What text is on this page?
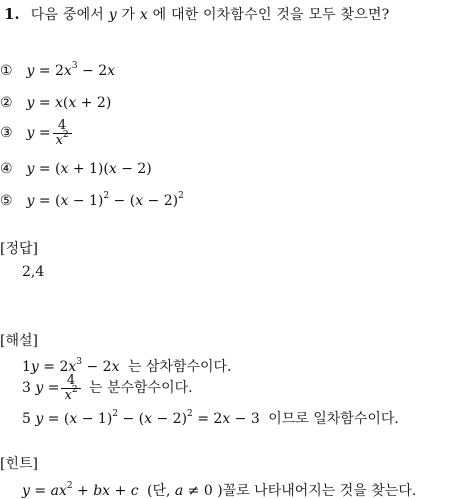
1. 다음 중에서 y 가 x 에 대한 이차함수인 것을 모두 찾으면?
① $y = 2x^3 - 2x$
② y = x(x + 2)
③ $y = \frac{4}{x^2}$
④ y = (x + 1)(x − 2)
⑤ $y = (x - 1)^2 - (x - 2)^2$
[정답]
2,4
[해설]
$1y = 2x^3 - 2x$ 는 삼차함수이다.
3 $y = \frac{4}{x^2}$ 는 분수함수이다.
5 $y = (x - 1)^2 - (x - 2)^2 = 2x - 3$ 이므로 일차함수이다.
[힌트]
$y = ax^2$ + bx + c (단, a ≠ 0 )꼴로 나타내어지는 것을 찾는다.
